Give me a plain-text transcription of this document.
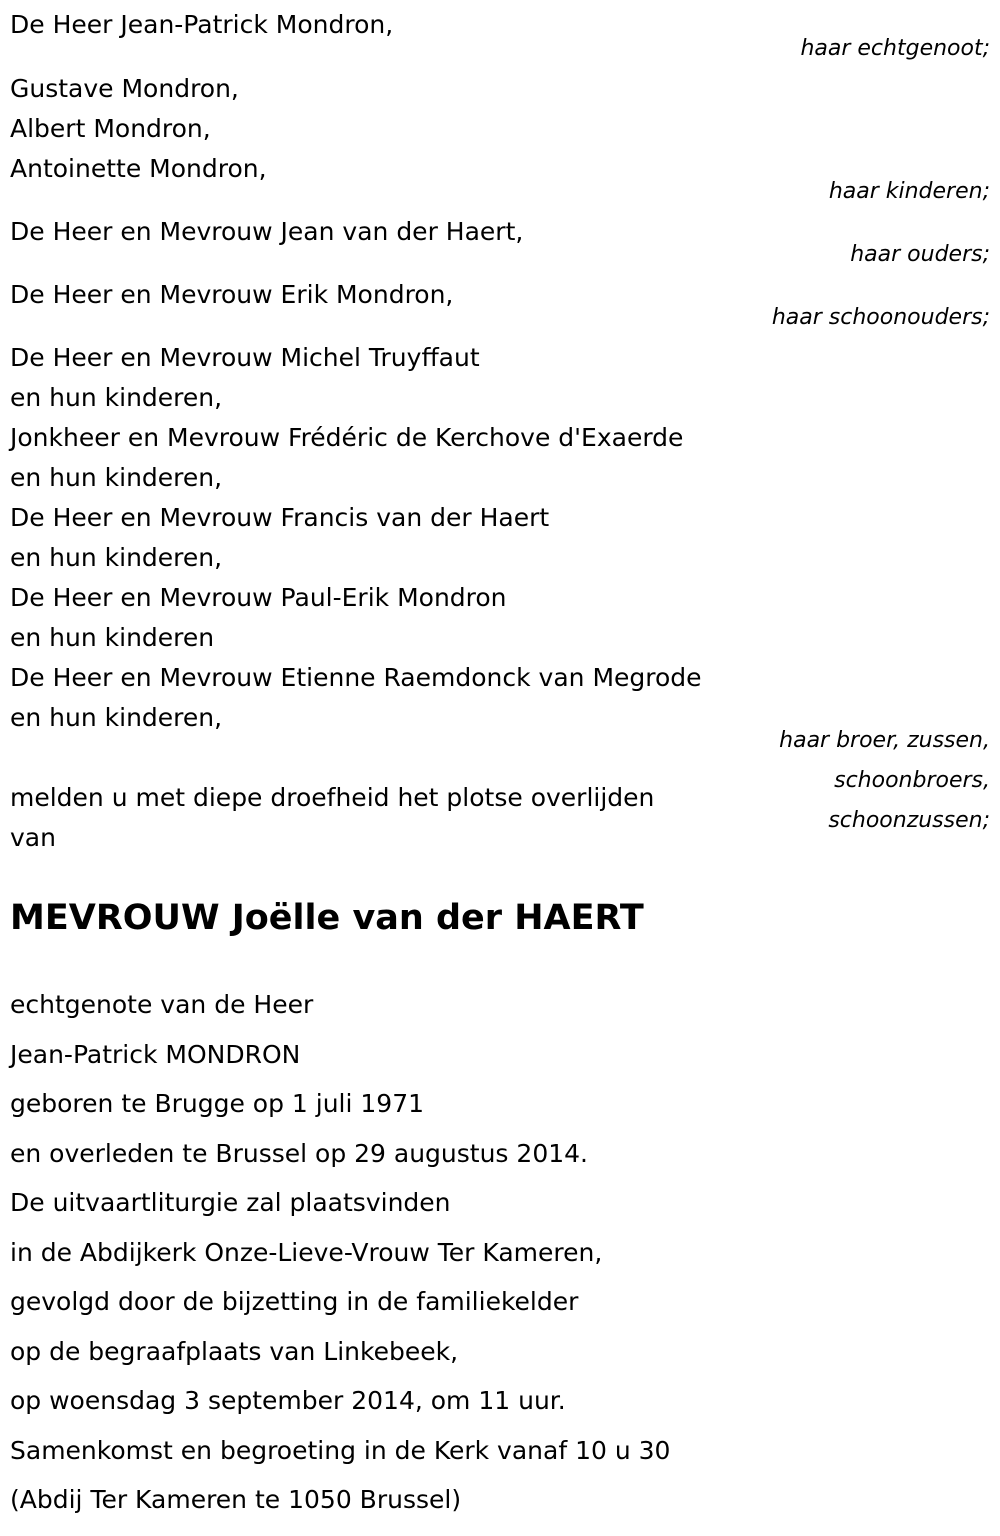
De Heer Jean-Patrick Mondron,
haar echtgenoot;
Gustave Mondron,
Albert Mondron,
Antoinette Mondron,
haar kinderen;
De Heer en Mevrouw Jean van der Haert,
haar ouders;
De Heer en Mevrouw Erik Mondron,
haar schoonouders;
De Heer en Mevrouw Michel Truyffaut
en hun kinderen,
Jonkheer en Mevrouw Frédéric de Kerchove d'Exaerde
en hun kinderen,
De Heer en Mevrouw Francis van der Haert
en hun kinderen,
De Heer en Mevrouw Paul-Erik Mondron
en hun kinderen
De Heer en Mevrouw Etienne Raemdonck van Megrode
en hun kinderen,
haar broer, zussen,
schoonbroers,
schoonzussen;
melden u met diepe droefheid het plotse overlijden
van
MEVROUW Joëlle van der HAERT
echtgenote van de Heer
Jean-Patrick MONDRON
geboren te Brugge op 1 juli 1971
en overleden te Brussel op 29 augustus 2014.
De uitvaartliturgie zal plaatsvinden
in de Abdijkerk Onze-Lieve-Vrouw Ter Kameren,
gevolgd door de bijzetting in de familiekelder
op de begraafplaats van Linkebeek,
op woensdag 3 september 2014, om 11 uur.
Samenkomst en begroeting in de Kerk vanaf 10 u 30
(Abdij Ter Kameren te 1050 Brussel)
